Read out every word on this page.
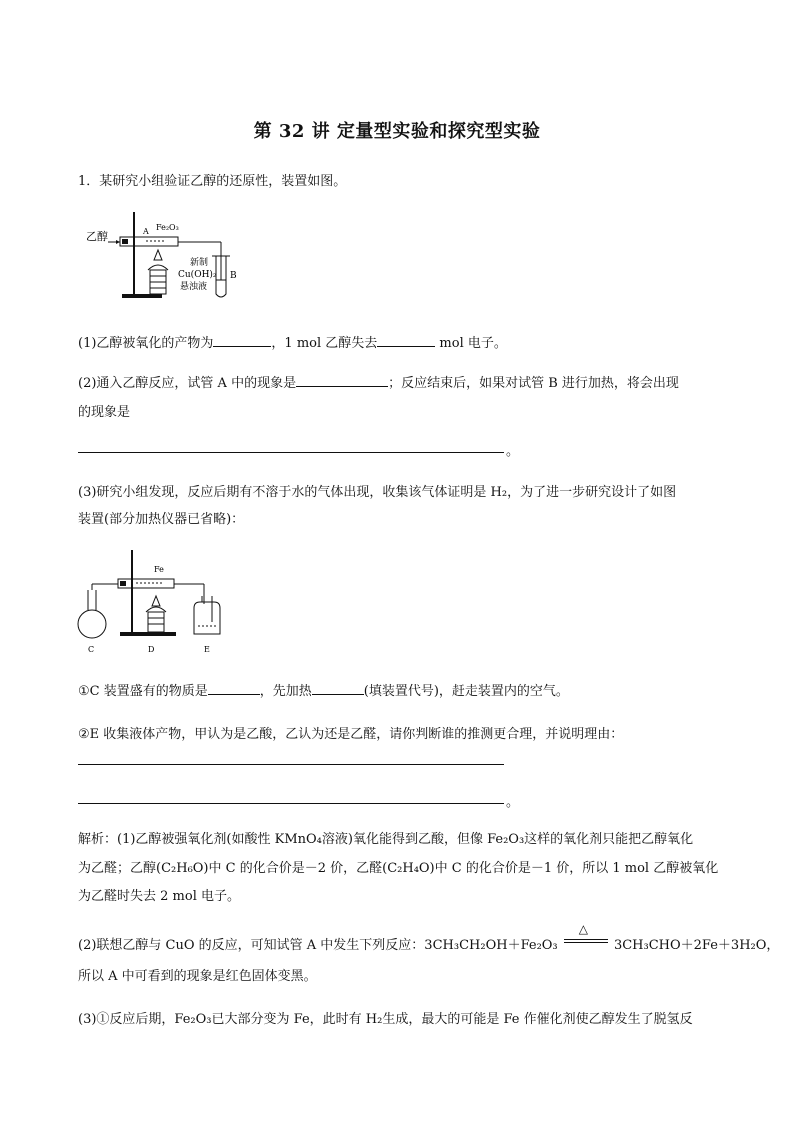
第 32 讲 定量型实验和探究型实验
1．某研究小组验证乙醇的还原性，装置如图。
乙醇	A Fe₂O₃
新制
Cu(OH)₂
悬浊液
B
(1)乙醇被氧化的产物为	，1 mol 乙醇失去	mol 电子。
(2)通入乙醇反应，试管 A 中的现象是	；反应结束后，如果对试管 B 进行加热，将会出现
的现象是
。
(3)研究小组发现，反应后期有不溶于水的气体出现，收集该气体证明是 H₂，为了进一步研究设计了如图
装置(部分加热仪器已省略)：
Fe
C	D	E
①C 装置盛有的物质是	，先加热	(填装置代号)，赶走装置内的空气。
②E 收集液体产物，甲认为是乙酸，乙认为还是乙醛，请你判断谁的推测更合理，并说明理由：
。
解析：(1)乙醇被强氧化剂(如酸性 KMnO₄溶液)氧化能得到乙酸，但像 Fe₂O₃这样的氧化剂只能把乙醇氧化
为乙醛；乙醇(C₂H₆O)中 C 的化合价是－2 价，乙醛(C₂H₄O)中 C 的化合价是－1 价，所以 1 mol 乙醇被氧化
为乙醛时失去 2 mol 电子。
(2)联想乙醇与 CuO 的反应，可知试管 A 中发生下列反应：3CH₃CH₂OH＋Fe₂O₃
△
3CH₃CHO＋2Fe＋3H₂O，
所以 A 中可看到的现象是红色固体变黑。
(3)①反应后期，Fe₂O₃已大部分变为 Fe，此时有 H₂生成，最大的可能是 Fe 作催化剂使乙醇发生了脱氢反
